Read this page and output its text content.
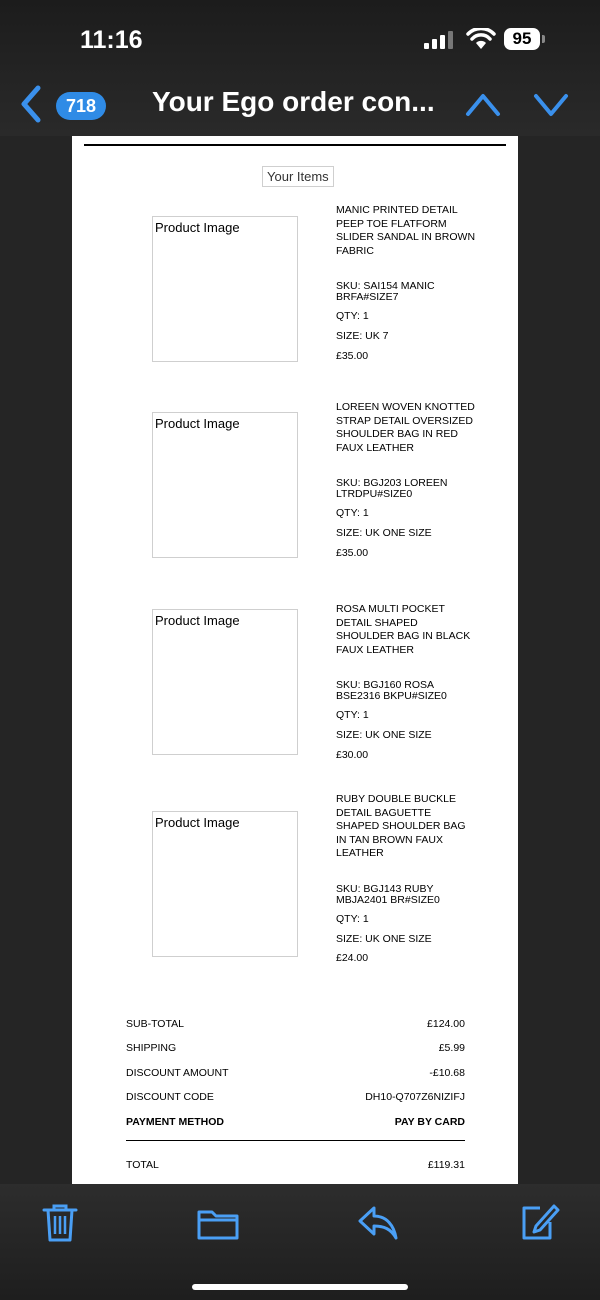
11:16	95
718	Your Ego order con...
Your Items
Product Image
MANIC PRINTED DETAIL PEEP TOE FLATFORM SLIDER SANDAL IN BROWN FABRIC
SKU: SAI154 MANIC BRFA#SIZE7
QTY: 1
SIZE: UK 7
£35.00
Product Image
LOREEN WOVEN KNOTTED STRAP DETAIL OVERSIZED SHOULDER BAG IN RED FAUX LEATHER
SKU: BGJ203 LOREEN LTRDPU#SIZE0
QTY: 1
SIZE: UK ONE SIZE
£35.00
Product Image
ROSA MULTI POCKET DETAIL SHAPED SHOULDER BAG IN BLACK FAUX LEATHER
SKU: BGJ160 ROSA BSE2316 BKPU#SIZE0
QTY: 1
SIZE: UK ONE SIZE
£30.00
Product Image
RUBY DOUBLE BUCKLE DETAIL BAGUETTE SHAPED SHOULDER BAG IN TAN BROWN FAUX LEATHER
SKU: BGJ143 RUBY MBJA2401 BR#SIZE0
QTY: 1
SIZE: UK ONE SIZE
£24.00
SUB-TOTAL	£124.00
SHIPPING	£5.99
DISCOUNT AMOUNT	-£10.68
DISCOUNT CODE	DH10-Q707Z6NIZIFJ
PAYMENT METHOD	PAY BY CARD
TOTAL	£119.31
